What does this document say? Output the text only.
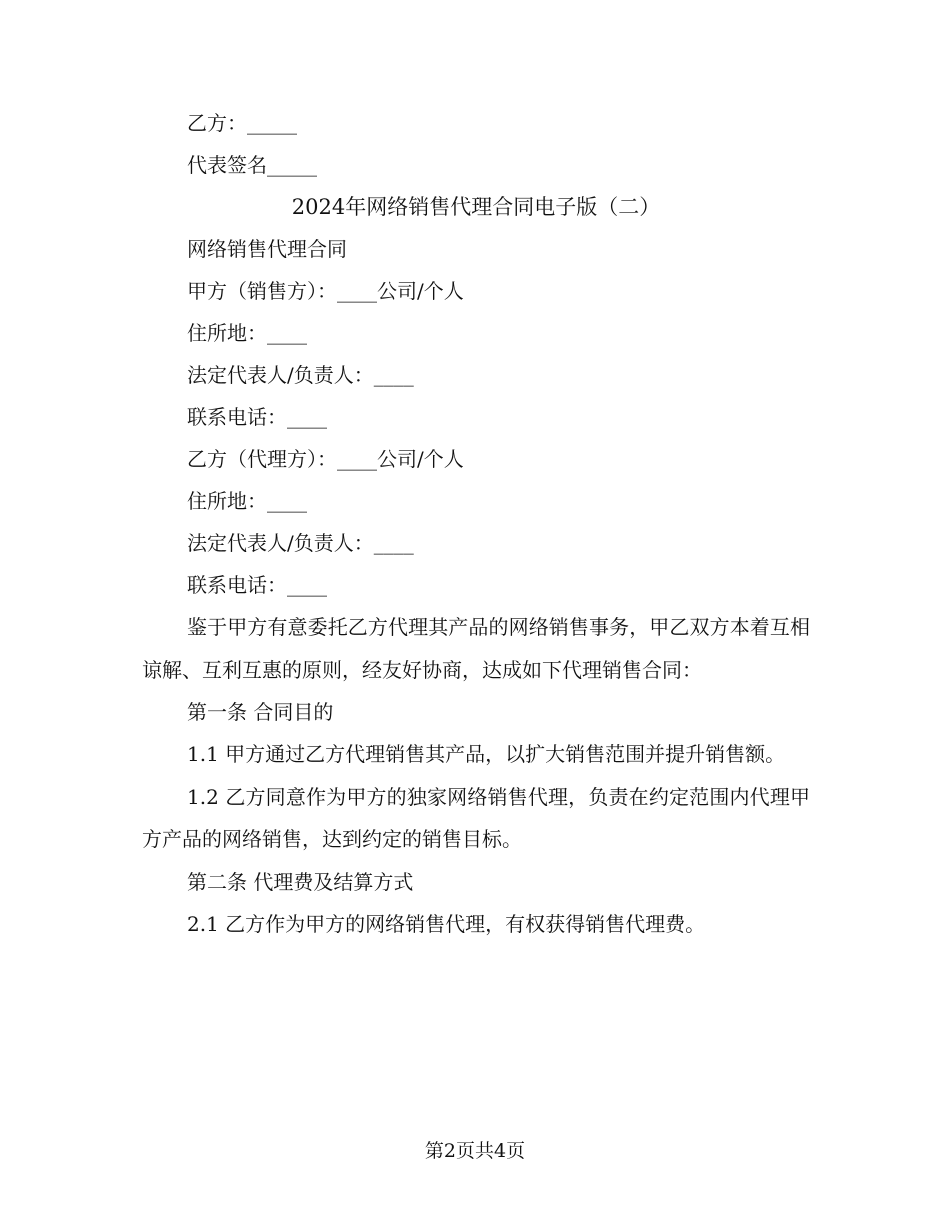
乙方：_____
代表签名_____
2024年网络销售代理合同电子版（二）
网络销售代理合同
甲方（销售方）：____公司/个人
住所地：____
法定代表人/负责人：____
联系电话：____
乙方（代理方）：____公司/个人
住所地：____
法定代表人/负责人：____
联系电话：____

鉴于甲方有意委托乙方代理其产品的网络销售事务，甲乙双方本着互相谅解、互利互惠的原则，经友好协商，达成如下代理销售合同：

第一条 合同目的

1.1 甲方通过乙方代理销售其产品，以扩大销售范围并提升销售额。

1.2 乙方同意作为甲方的独家网络销售代理，负责在约定范围内代理甲方产品的网络销售，达到约定的销售目标。

第二条 代理费及结算方式

2.1 乙方作为甲方的网络销售代理，有权获得销售代理费。

第2页共4页
